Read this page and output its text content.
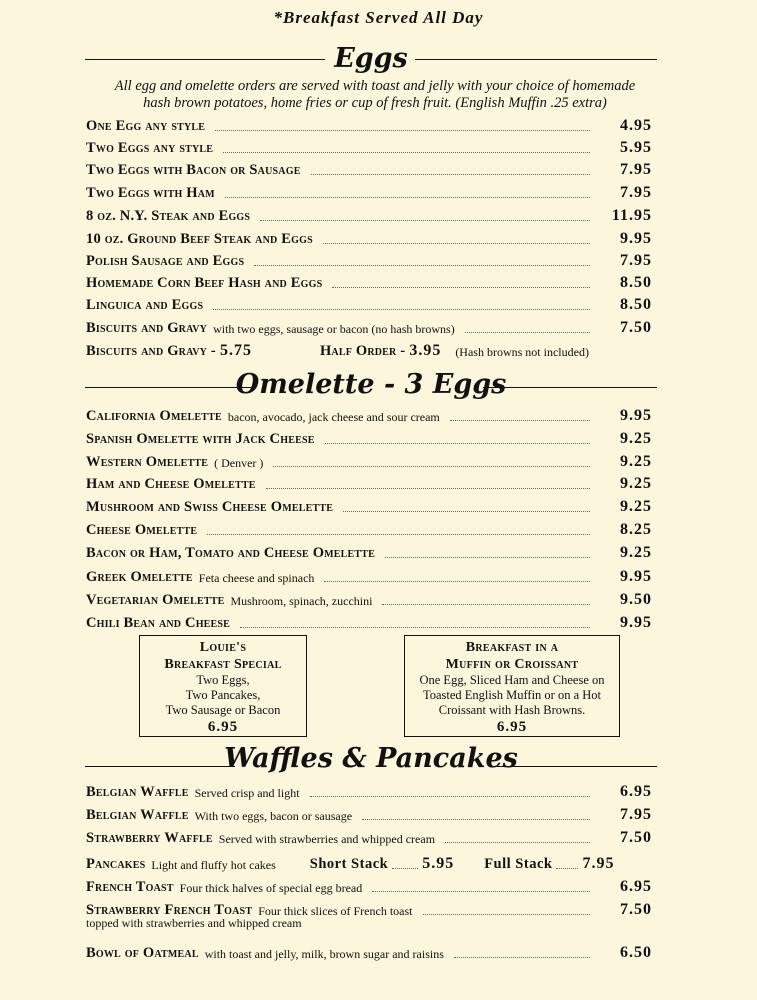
*Breakfast Served All Day
Eggs
All egg and omelette orders are served with toast and jelly with your choice of homemade
hash brown potatoes, home fries or cup of fresh fruit. (English Muffin .25 extra)
One Egg any style	4.95
Two Eggs any style	5.95
Two Eggs with Bacon or Sausage	7.95
Two Eggs with Ham	7.95
8 oz. N.Y. Steak and Eggs	11.95
10 oz. Ground Beef Steak and Eggs	9.95
Polish Sausage and Eggs	7.95
Homemade Corn Beef Hash and Eggs	8.50
Linguica and Eggs	8.50
Biscuits and Gravy with two eggs, sausage or bacon (no hash browns)	7.50
Biscuits and Gravy - 5.75	Half Order - 3.95 (Hash browns not included)
Omelette - 3 Eggs
California Omelette bacon, avocado, jack cheese and sour cream	9.95
Spanish Omelette with Jack Cheese	9.25
Western Omelette ( Denver )	9.25
Ham and Cheese Omelette	9.25
Mushroom and Swiss Cheese Omelette	9.25
Cheese Omelette	8.25
Bacon or Ham, Tomato and Cheese Omelette	9.25
Greek Omelette Feta cheese and spinach	9.95
Vegetarian Omelette Mushroom, spinach, zucchini	9.50
Chili Bean and Cheese	9.95
Louie's
Breakfast Special
Two Eggs,
Two Pancakes,
Two Sausage or Bacon
6.95
Breakfast in a
Muffin or Croissant
One Egg, Sliced Ham and Cheese on
Toasted English Muffin or on a Hot
Croissant with Hash Browns.
6.95
Waffles & Pancakes
Belgian Waffle Served crisp and light	6.95
Belgian Waffle With two eggs, bacon or sausage	7.95
Strawberry Waffle Served with strawberries and whipped cream	7.50
Pancakes Light and fluffy hot cakes Short Stack 5.95 Full Stack 7.95
French Toast Four thick halves of special egg bread	6.95
Strawberry French Toast Four thick slices of French toast	7.50
topped with strawberries and whipped cream
Bowl of Oatmeal with toast and jelly, milk, brown sugar and raisins	6.50
